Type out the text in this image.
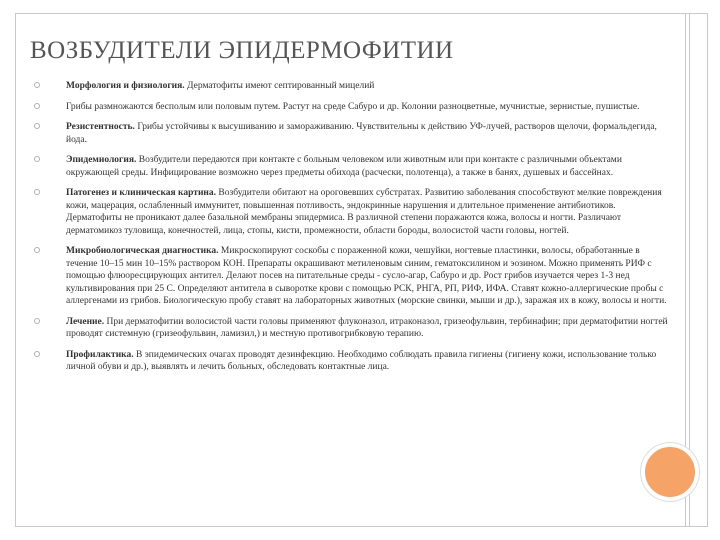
ВОЗБУДИТЕЛИ ЭПИДЕРМОФИТИИ
Морфология и физиология. Дерматофиты имеют септированный мицелий
Грибы размножаются бесполым или половым путем. Растут на среде Сабуро и др. Колонии разноцветные, мучнистые, зернистые, пушистые.
Резистентность. Грибы устойчивы к высушиванию и замораживанию. Чувствительны к действию УФ-лучей, растворов щелочи, формальдегида, йода.
Эпидемиология. Возбудители передаются при контакте с больным человеком или животным или при контакте с различными объектами окружающей среды. Инфицирование возможно через предметы обихода (расчески, полотенца), а также в банях, душевых и бассейнах.
Патогенез и клиническая картина. Возбудители обитают на ороговевших субстратах. Развитию заболевания способствуют мелкие повреждения кожи, мацерация, ослабленный иммунитет, повышенная потливость, эндокринные нарушения и длительное применение антибиотиков. Дерматофиты не проникают далее базальной мембраны эпидермиса. В различной степени поражаются кожа, волосы и ногти. Различают дерматомикоз туловища, конечностей, лица, стопы, кисти, промежности, области бороды, волосистой части головы, ногтей.
Микробиологическая диагностика. Микроскопируют соскобы с пораженной кожи, чешуйки, ногтевые пластинки, волосы, обработанные в течение 10–15 мин 10–15% раствором КОН. Препараты окрашивают метиленовым синим, гематоксилином и эозином. Можно применять РИФ с помощью флюоресцирующих антител. Делают посев на питательные среды - сусло-агар, Сабуро и др. Рост грибов изучается через 1-3 нед культивирования при 25 С. Определяют антитела в сыворотке крови с помощью РСК, РНГА, РП, РИФ, ИФА. Ставят кожно-аллергические пробы с аллергенами из грибов. Биологическую пробу ставят на лабораторных животных (морские свинки, мыши и др.), заражая их в кожу, волосы и ногти.
Лечение. При дерматофитии волосистой части головы применяют флуконазол, итраконазол, гризеофульвин, тербинафин; при дерматофитии ногтей проводят системную (гризеофульвин, ламизил,) и местную противогрибковую терапию.
Профилактика. В эпидемических очагах проводят дезинфекцию. Необходимо соблюдать правила гигиены (гигиену кожи, использование только личной обуви и др.), выявлять и лечить больных, обследовать контактные лица.
